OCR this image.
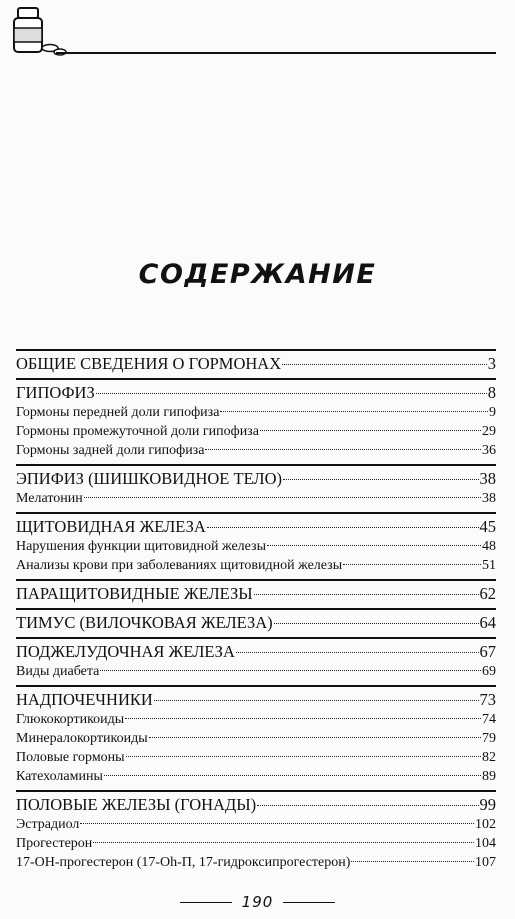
СОДЕРЖАНИЕ
ОБЩИЕ СВЕДЕНИЯ О ГОРМОНАХ	3
ГИПОФИЗ	8
Гормоны передней доли гипофиза	9
Гормоны промежуточной доли гипофиза	29
Гормоны задней доли гипофиза	36
ЭПИФИЗ (ШИШКОВИДНОЕ ТЕЛО)	38
Мелатонин	38
ЩИТОВИДНАЯ ЖЕЛЕЗА	45
Нарушения функции щитовидной железы	48
Анализы крови при заболеваниях щитовидной железы	51
ПАРАЩИТОВИДНЫЕ ЖЕЛЕЗЫ	62
ТИМУС (ВИЛОЧКОВАЯ ЖЕЛЕЗА)	64
ПОДЖЕЛУДОЧНАЯ ЖЕЛЕЗА	67
Виды диабета	69
НАДПОЧЕЧНИКИ	73
Глюкокортикоиды	74
Минералокортикоиды	79
Половые гормоны	82
Катехоламины	89
ПОЛОВЫЕ ЖЕЛЕЗЫ (ГОНАДЫ)	99
Эстрадиол	102
Прогестерон	104
17-ОН-прогестерон (17-Oh-П, 17-гидроксипрогестерон)	107
190
